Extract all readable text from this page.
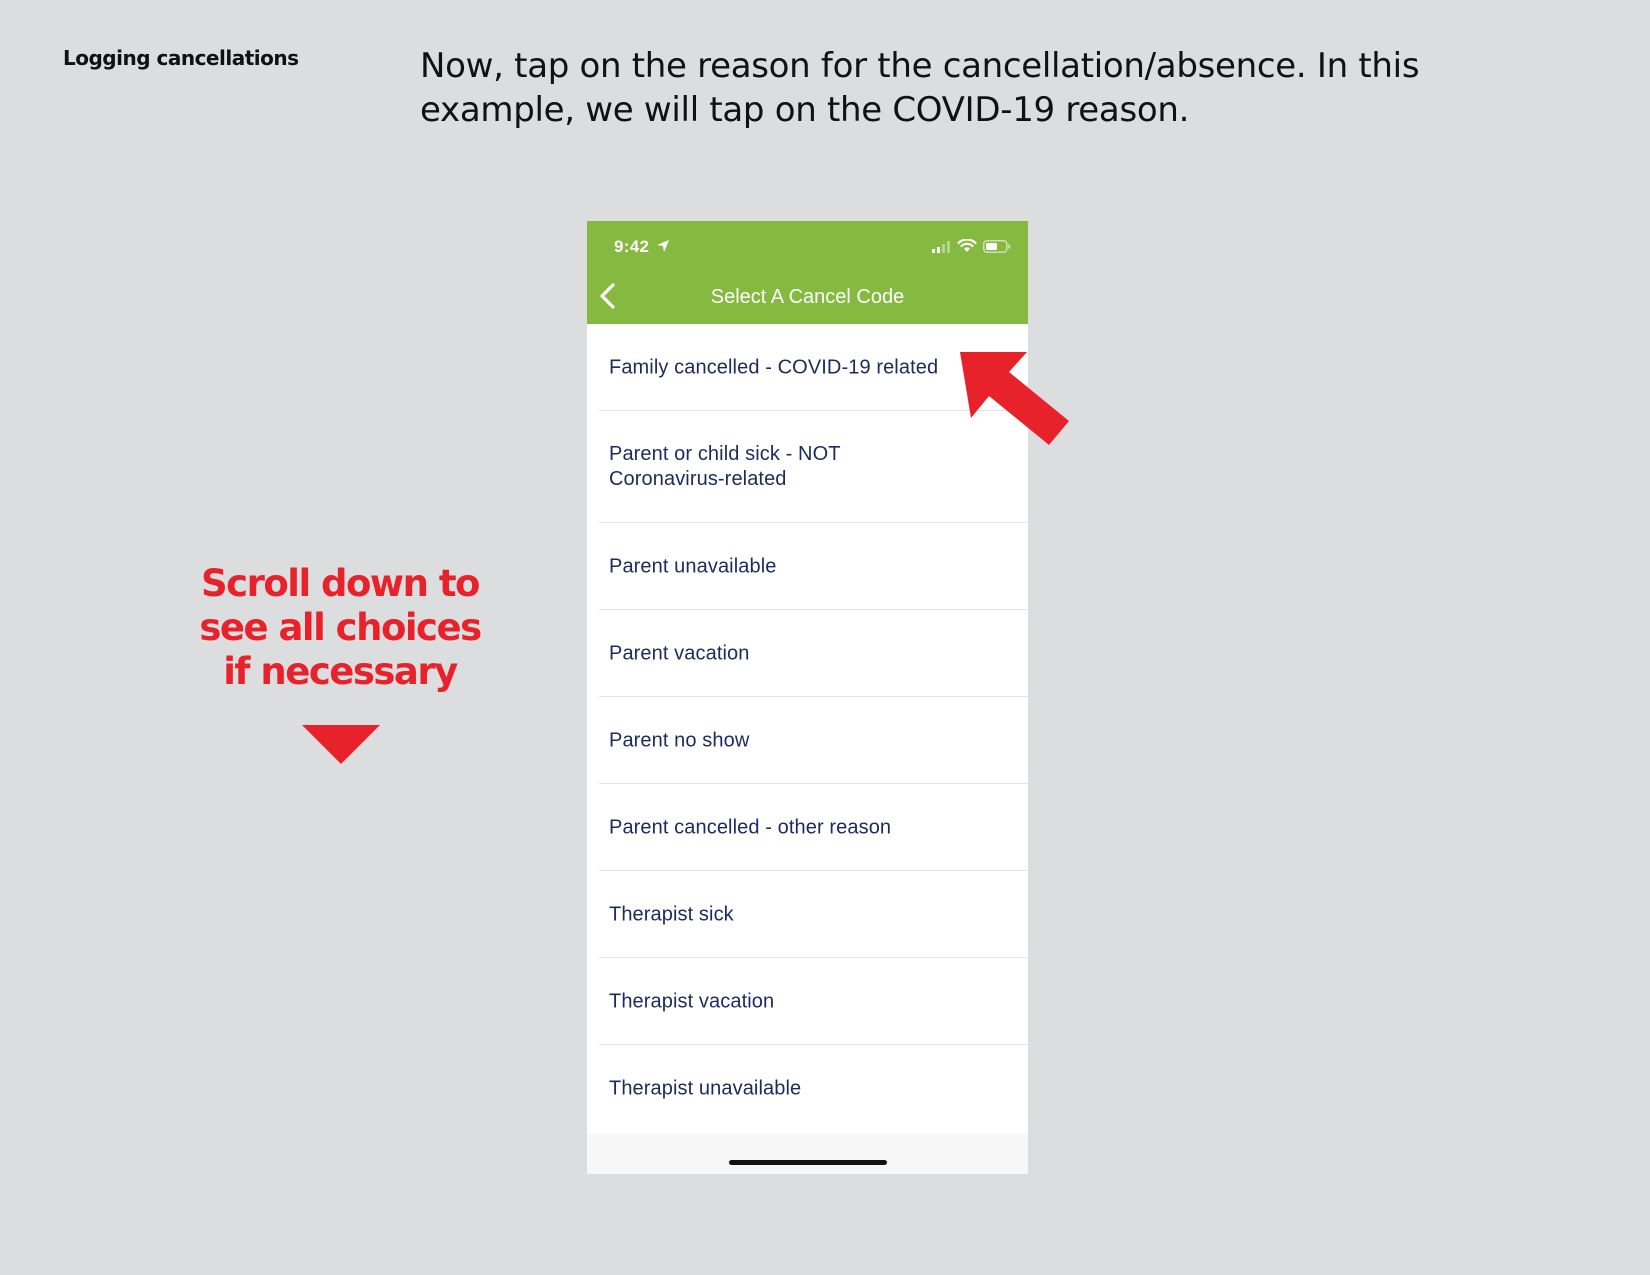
Logging cancellations	Now, tap on the reason for the cancellation/absence. In this example, we will tap on the COVID-19 reason.
Scroll down to
see all choices
if necessary
9:42
Select A Cancel Code
Family cancelled - COVID-19 related
Parent or child sick - NOT Coronavirus-related
Parent unavailable
Parent vacation
Parent no show
Parent cancelled - other reason
Therapist sick
Therapist vacation
Therapist unavailable
